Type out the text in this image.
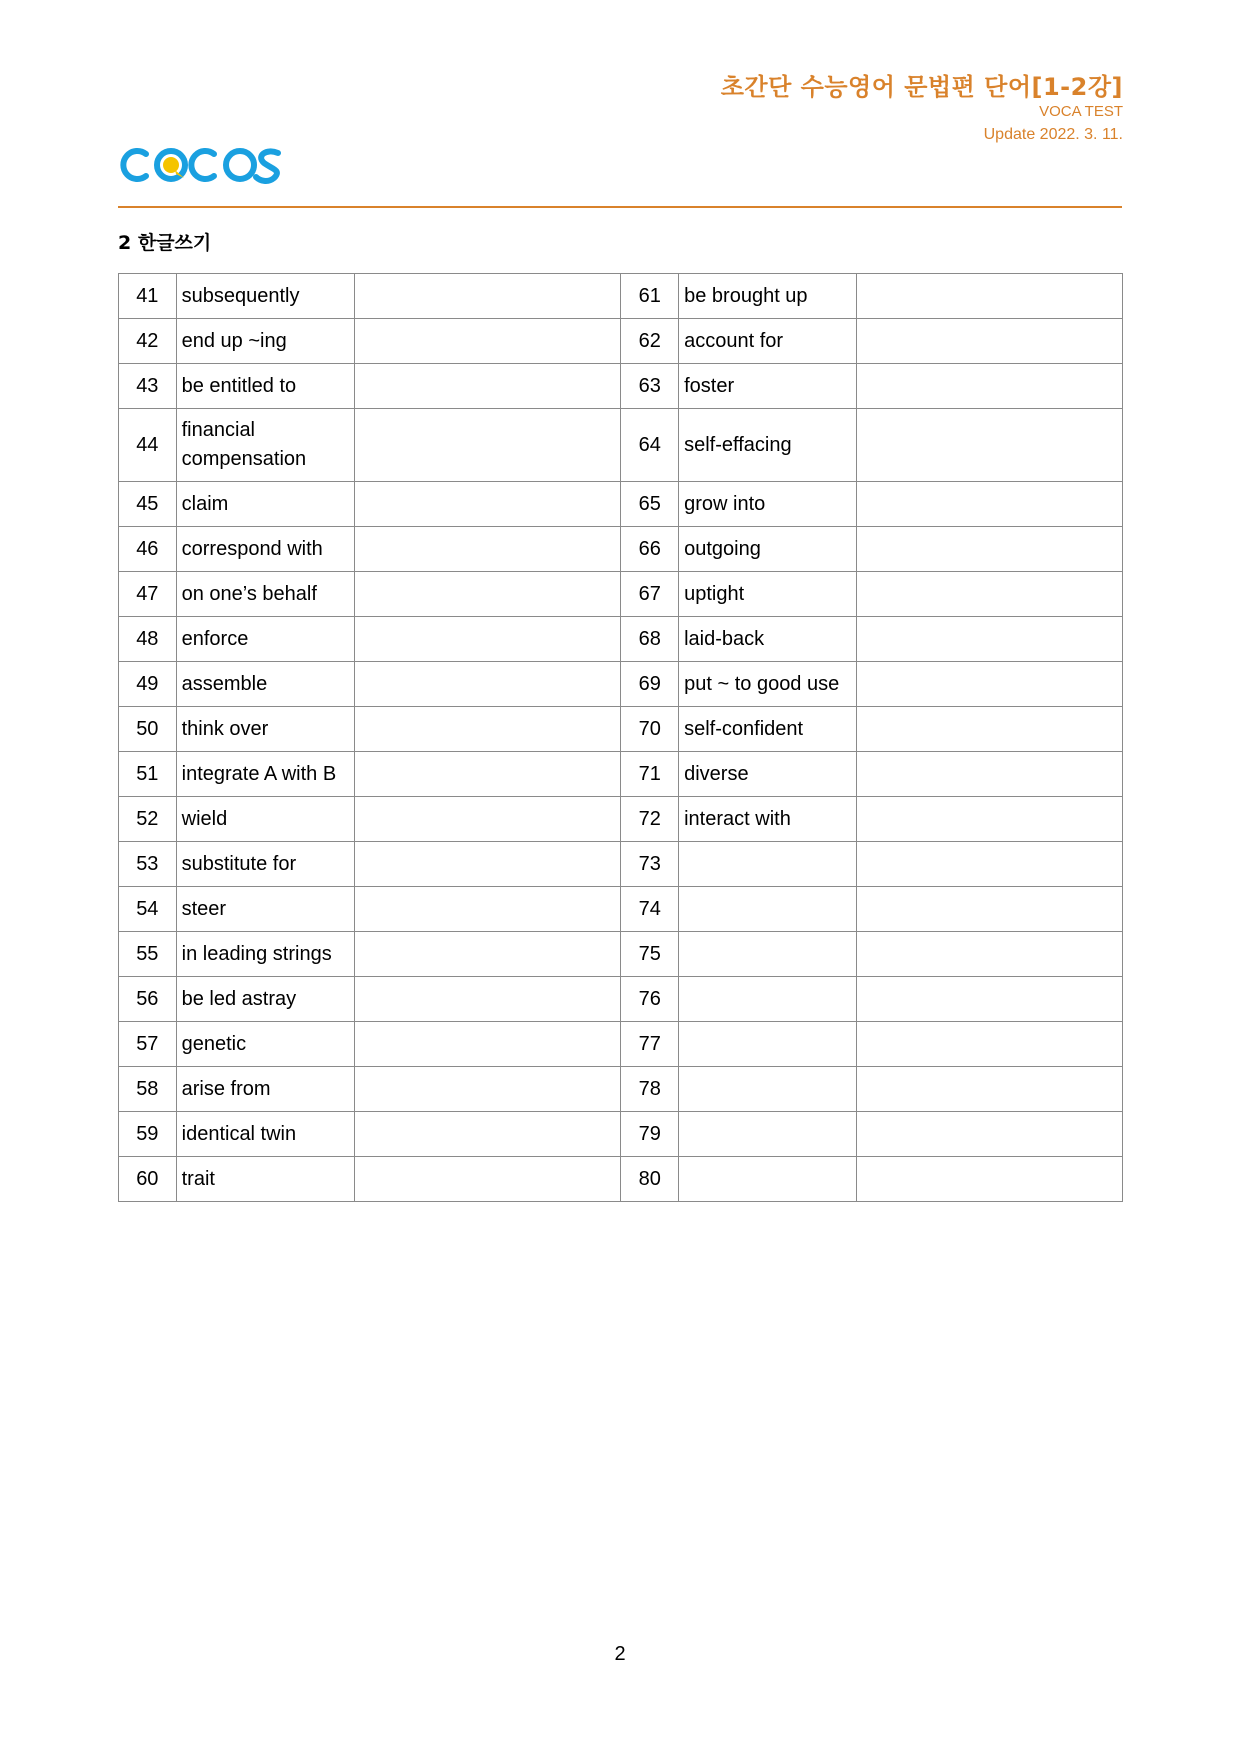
초간단 수능영어 문법편 단어[1-2강]
VOCA TEST
Update 2022. 3. 11.
2 한글쓰기
41	subsequently		61	be brought up	
42	end up ~ing		62	account for	
43	be entitled to		63	foster	
44	financial compensation		64	self-effacing	
45	claim		65	grow into	
46	correspond with		66	outgoing	
47	on one’s behalf		67	uptight	
48	enforce		68	laid-back	
49	assemble		69	put ~ to good use	
50	think over		70	self-confident	
51	integrate A with B		71	diverse	
52	wield		72	interact with	
53	substitute for		73		
54	steer		74		
55	in leading strings		75		
56	be led astray		76		
57	genetic		77		
58	arise from		78		
59	identical twin		79		
60	trait		80		
2
